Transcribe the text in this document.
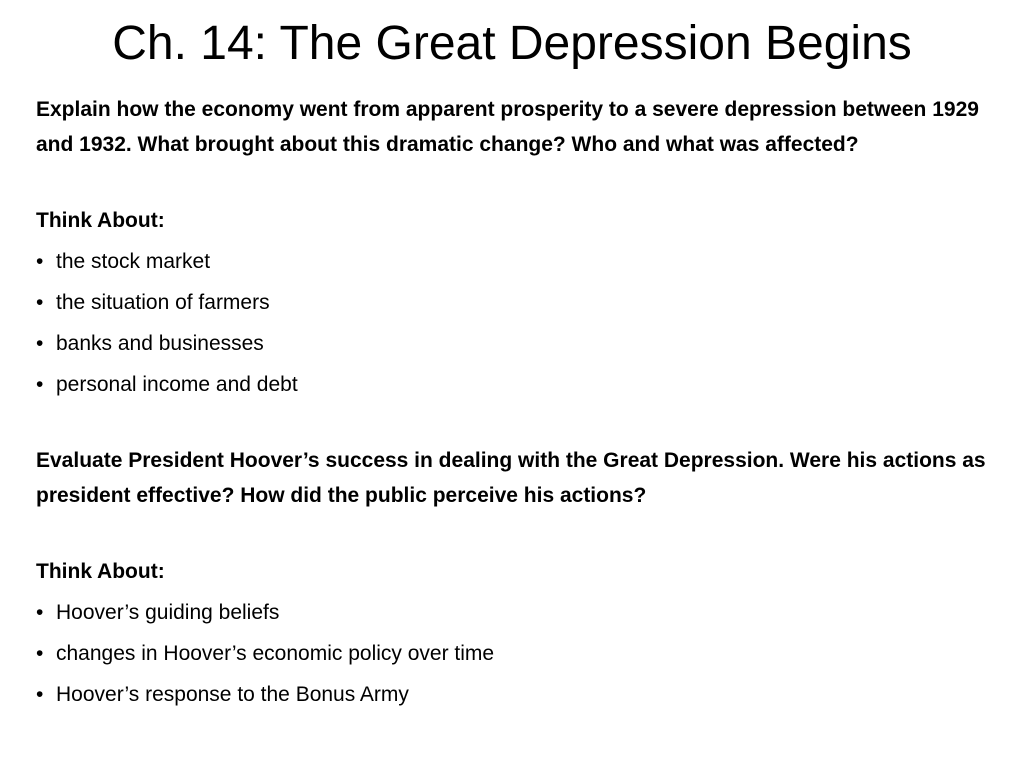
Ch. 14: The Great Depression Begins

Explain how the economy went from apparent prosperity to a severe depression between 1929 and 1932. What brought about this dramatic change? Who and what was affected?

Think About:

• the stock market
• the situation of farmers
• banks and businesses
• personal income and debt

Evaluate President Hoover’s success in dealing with the Great Depression. Were his actions as president effective? How did the public perceive his actions?

Think About:

• Hoover’s guiding beliefs
• changes in Hoover’s economic policy over time
• Hoover’s response to the Bonus Army
